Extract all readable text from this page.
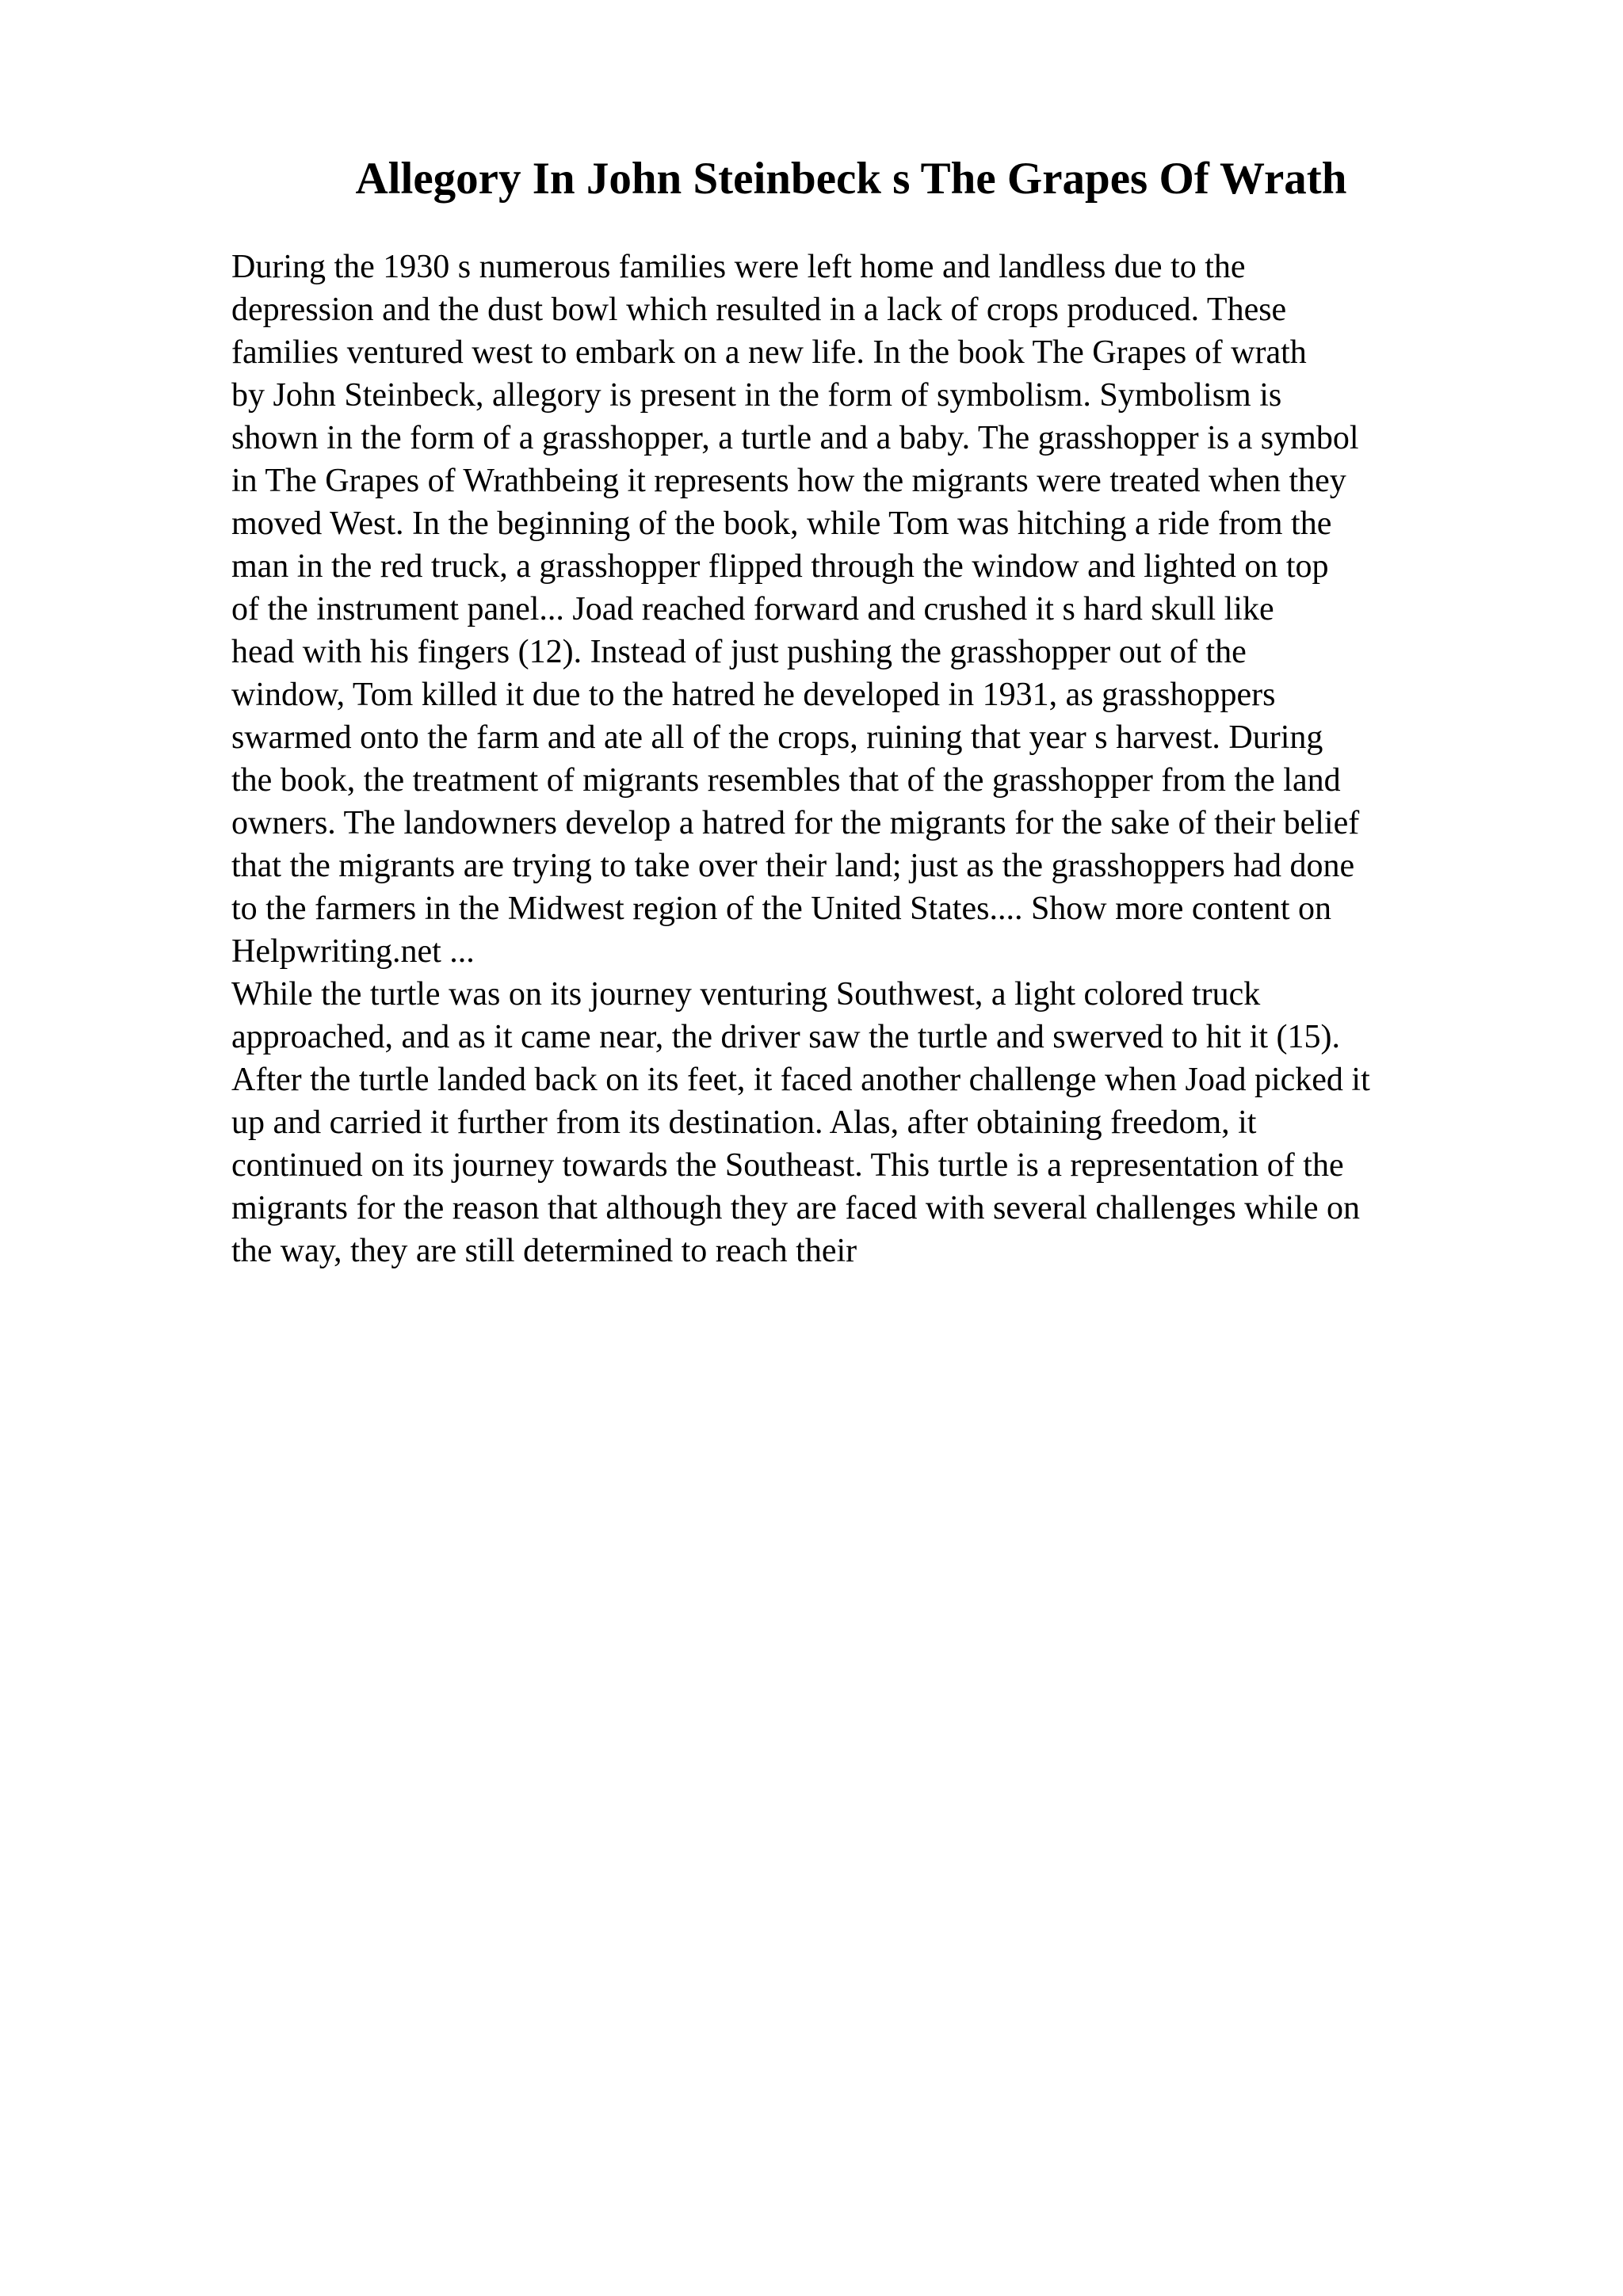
Allegory In John Steinbeck s The Grapes Of Wrath
During the 1930 s numerous families were left home and landless due to the
depression and the dust bowl which resulted in a lack of crops produced. These
families ventured west to embark on a new life. In the book The Grapes of wrath
by John Steinbeck, allegory is present in the form of symbolism. Symbolism is
shown in the form of a grasshopper, a turtle and a baby. The grasshopper is a symbol
in The Grapes of Wrathbeing it represents how the migrants were treated when they
moved West. In the beginning of the book, while Tom was hitching a ride from the
man in the red truck, a grasshopper flipped through the window and lighted on top
of the instrument panel... Joad reached forward and crushed it s hard skull like
head with his fingers (12). Instead of just pushing the grasshopper out of the
window, Tom killed it due to the hatred he developed in 1931, as grasshoppers
swarmed onto the farm and ate all of the crops, ruining that year s harvest. During
the book, the treatment of migrants resembles that of the grasshopper from the land
owners. The landowners develop a hatred for the migrants for the sake of their belief
that the migrants are trying to take over their land; just as the grasshoppers had done
to the farmers in the Midwest region of the United States.... Show more content on
Helpwriting.net ...
While the turtle was on its journey venturing Southwest, a light colored truck
approached, and as it came near, the driver saw the turtle and swerved to hit it (15).
After the turtle landed back on its feet, it faced another challenge when Joad picked it
up and carried it further from its destination. Alas, after obtaining freedom, it
continued on its journey towards the Southeast. This turtle is a representation of the
migrants for the reason that although they are faced with several challenges while on
the way, they are still determined to reach their
